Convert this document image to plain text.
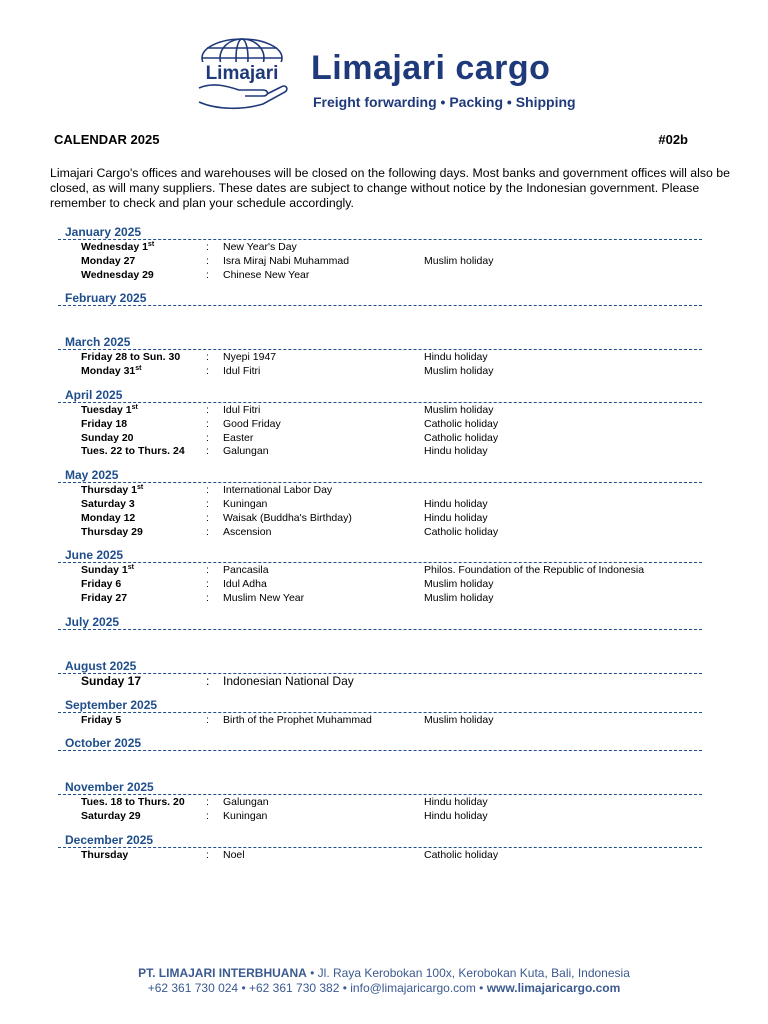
Limajari Limajari cargo
Freight forwarding • Packing • Shipping
CALENDAR 2025	#02b
Limajari Cargo's offices and warehouses will be closed on the following days. Most banks and government offices will also be closed, as will many suppliers. These dates are subject to change without notice by the Indonesian government. Please remember to check and plan your schedule accordingly.
January 2025
Wednesday 1st	: New Year's Day
Monday 27	: Isra Miraj Nabi Muhammad	Muslim holiday
Wednesday 29	: Chinese New Year
February 2025
March 2025
Friday 28 to Sun. 30 : Nyepi 1947	Hindu holiday
Monday 31st	: Idul Fitri	Muslim holiday
April 2025
Tuesday 1st	: Idul Fitri	Muslim holiday
Friday 18	: Good Friday	Catholic holiday
Sunday 20	: Easter	Catholic holiday
Tues. 22 to Thurs. 24 : Galungan	Hindu holiday
May 2025
Thursday 1st	: International Labor Day
Saturday 3	: Kuningan	Hindu holiday
Monday 12	: Waisak (Buddha's Birthday)	Hindu holiday
Thursday 29	: Ascension	Catholic holiday
June 2025
Sunday 1st	: Pancasila	Philos. Foundation of the Republic of Indonesia
Friday 6	: Idul Adha	Muslim holiday
Friday 27	: Muslim New Year	Muslim holiday
July 2025
August 2025
Sunday 17	: Indonesian National Day
September 2025
Friday 5	: Birth of the Prophet Muhammad	Muslim holiday
October 2025
November 2025
Tues. 18 to Thurs. 20 : Galungan	Hindu holiday
Saturday 29	: Kuningan	Hindu holiday
December 2025
Thursday	: Noel	Catholic holiday
PT. LIMAJARI INTERBHUANA • Jl. Raya Kerobokan 100x, Kerobokan Kuta, Bali, Indonesia
+62 361 730 024 • +62 361 730 382 • info@limajaricargo.com • www.limajaricargo.com
